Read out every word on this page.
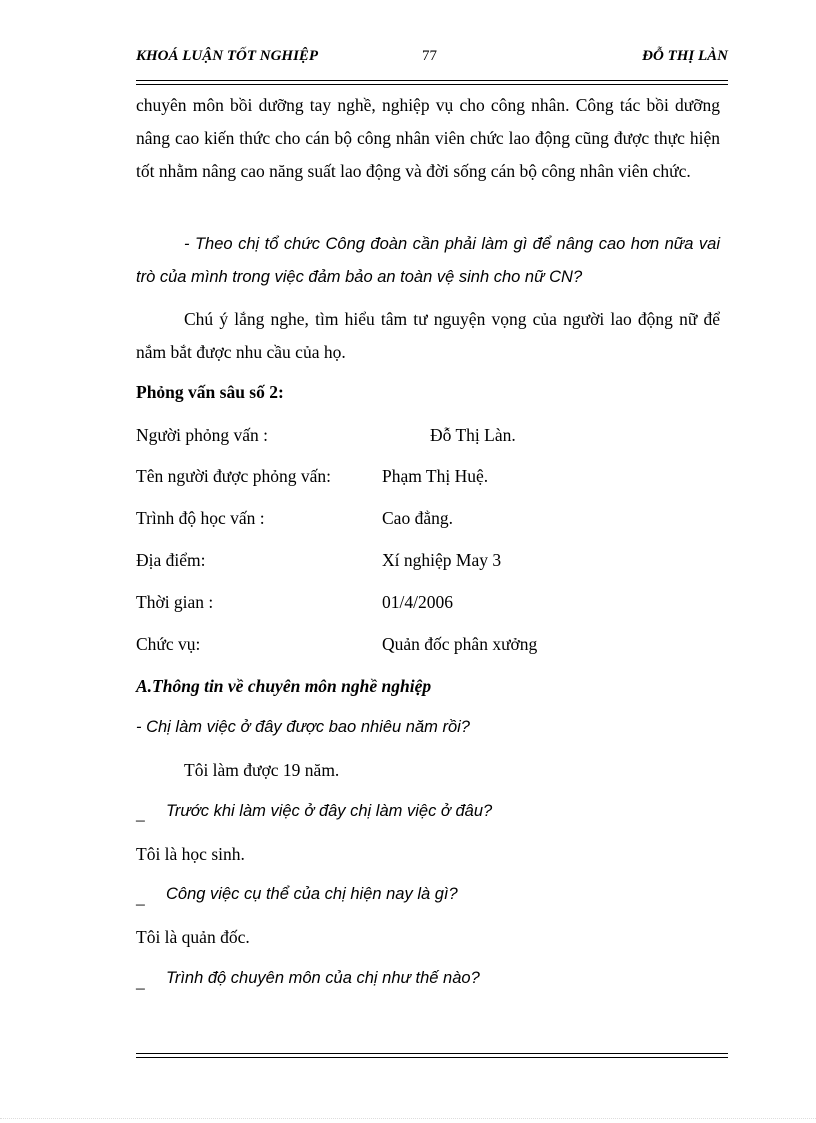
KHOÁ LUẬN TỐT NGHIỆP	77	ĐỖ THỊ LÀN

chuyên môn bồi dưỡng tay nghề, nghiệp vụ cho công nhân. Công tác bồi dưỡng nâng cao kiến thức cho cán bộ công nhân viên chức lao động cũng được thực hiện tốt nhằm nâng cao năng suất lao động và đời sống cán bộ công nhân viên chức.

- Theo chị tổ chức Công đoàn cần phải làm gì để nâng cao hơn nữa vai trò của mình trong việc đảm bảo an toàn vệ sinh cho nữ CN?

Chú ý lắng nghe, tìm hiểu tâm tư nguyện vọng của người lao động nữ để nắm bắt được nhu cầu của họ.

Phỏng vấn sâu số 2:

Người phỏng vấn :	Đỗ Thị Làn.
Tên người được phỏng vấn:	Phạm Thị Huệ.
Trình độ học vấn :	Cao đẳng.
Địa điểm:	Xí nghiệp May 3
Thời gian :	01/4/2006
Chức vụ:	Quản đốc phân xưởng

A.Thông tin về chuyên môn nghề nghiệp

- Chị làm việc ở đây được bao nhiêu năm rồi?

Tôi làm được 19 năm.

_ Trước khi làm việc ở đây chị làm việc ở đâu?

Tôi là học sinh.

_ Công việc cụ thể của chị hiện nay là gì?

Tôi là quản đốc.

_ Trình độ chuyên môn của chị như thế nào?
